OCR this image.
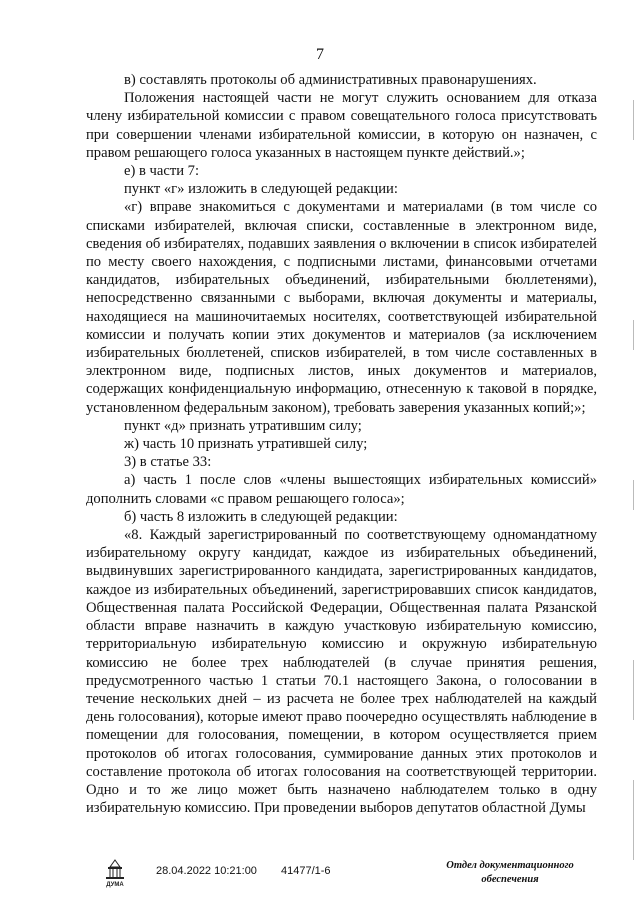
7

в) составлять протоколы об административных правонарушениях.

Положения настоящей части не могут служить основанием для отказа члену избирательной комиссии с правом совещательного голоса присутствовать при совершении членами избирательной комиссии, в которую он назначен, с правом решающего голоса указанных в настоящем пункте действий.»;

е) в части 7:

пункт «г» изложить в следующей редакции:

«г) вправе знакомиться с документами и материалами (в том числе со списками избирателей, включая списки, составленные в электронном виде, сведения об избирателях, подавших заявления о включении в список избирателей по месту своего нахождения, с подписными листами, финансовыми отчетами кандидатов, избирательных объединений, избирательными бюллетенями), непосредственно связанными с выборами, включая документы и материалы, находящиеся на машиночитаемых носителях, соответствующей избирательной комиссии и получать копии этих документов и материалов (за исключением избирательных бюллетеней, списков избирателей, в том числе составленных в электронном виде, подписных листов, иных документов и материалов, содержащих конфиденциальную информацию, отнесенную к таковой в порядке, установленном федеральным законом), требовать заверения указанных копий;»;

пункт «д» признать утратившим силу;

ж) часть 10 признать утратившей силу;

3) в статье 33:

а) часть 1 после слов «члены вышестоящих избирательных комиссий» дополнить словами «с правом решающего голоса»;

б) часть 8 изложить в следующей редакции:

«8. Каждый зарегистрированный по соответствующему одномандатному избирательному округу кандидат, каждое из избирательных объединений, выдвинувших зарегистрированного кандидата, зарегистрированных кандидатов, каждое из избирательных объединений, зарегистрировавших список кандидатов, Общественная палата Российской Федерации, Общественная палата Рязанской области вправе назначить в каждую участковую избирательную комиссию, территориальную избирательную комиссию и окружную избирательную комиссию не более трех наблюдателей (в случае принятия решения, предусмотренного частью 1 статьи 70.1 настоящего Закона, о голосовании в течение нескольких дней – из расчета не более трех наблюдателей на каждый день голосования), которые имеют право поочередно осуществлять наблюдение в помещении для голосования, помещении, в котором осуществляется прием протоколов об итогах голосования, суммирование данных этих протоколов и составление протокола об итогах голосования на соответствующей территории. Одно и то же лицо может быть назначено наблюдателем только в одну избирательную комиссию. При проведении выборов депутатов областной Думы

ДУМА
28.04.2022 10:21:00 41477/1-6	Отдел документационного
обеспечения
